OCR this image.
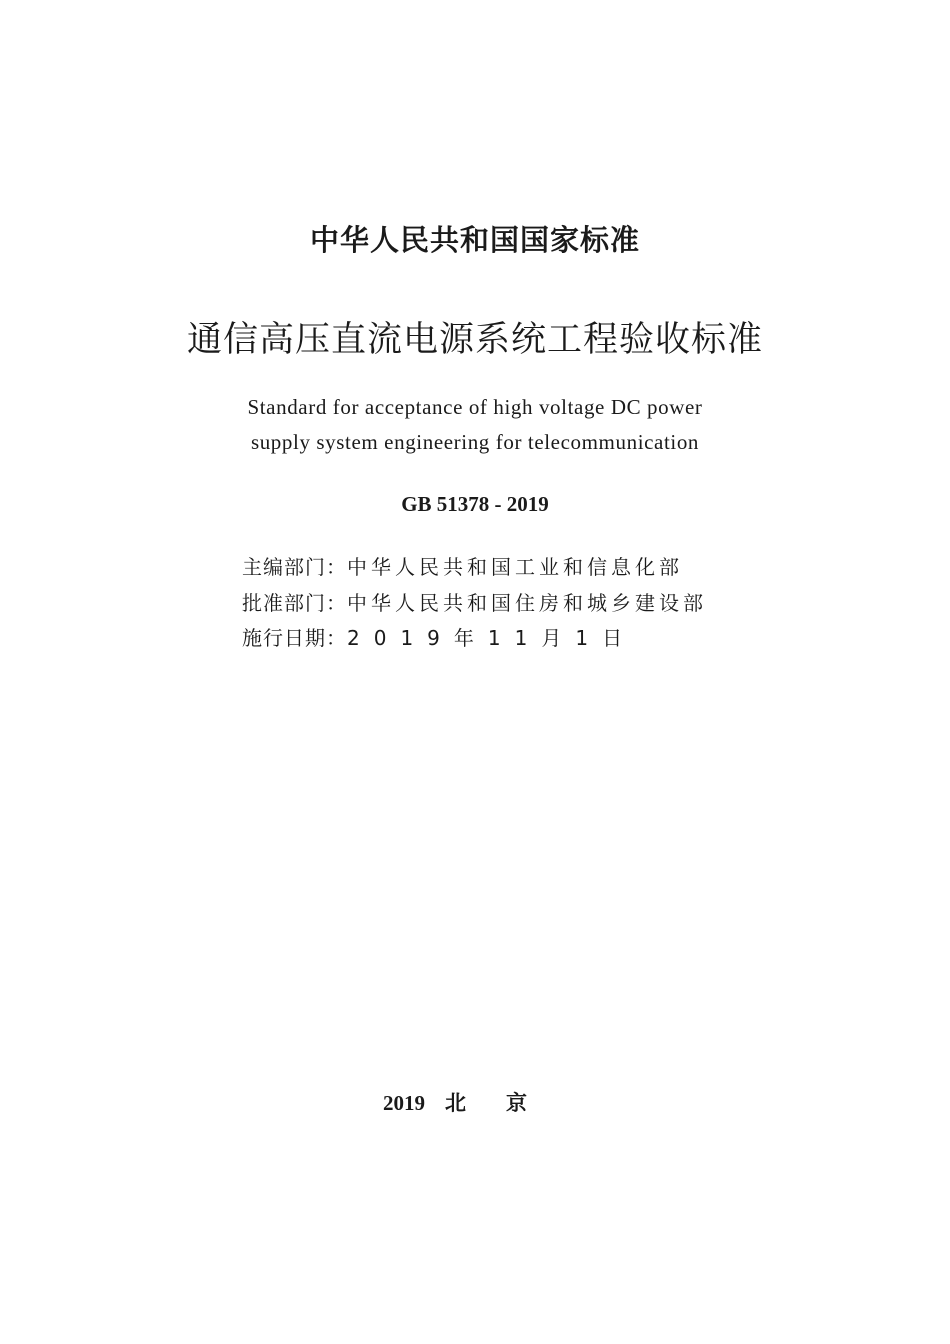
中华人民共和国国家标准
通信高压直流电源系统工程验收标准
Standard for acceptance of high voltage DC power
supply system engineering for telecommunication
GB 51378 - 2019
主编部门：中华人民共和国工业和信息化部
批准部门：中华人民共和国住房和城乡建设部
施行日期：2019年11月1日
2019 北京
